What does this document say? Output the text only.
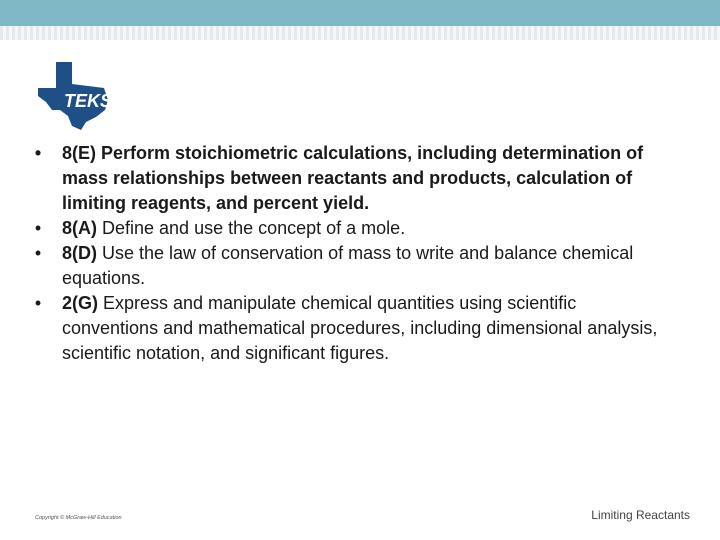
TEKS
• 8(E) Perform stoichiometric calculations, including determination of mass relationships between reactants and products, calculation of limiting reagents, and percent yield.
• 8(A) Define and use the concept of a mole.
• 8(D) Use the law of conservation of mass to write and balance chemical equations.
• 2(G) Express and manipulate chemical quantities using scientific conventions and mathematical procedures, including dimensional analysis, scientific notation, and significant figures.
Copyright © McGraw-Hill Education	Limiting Reactants
